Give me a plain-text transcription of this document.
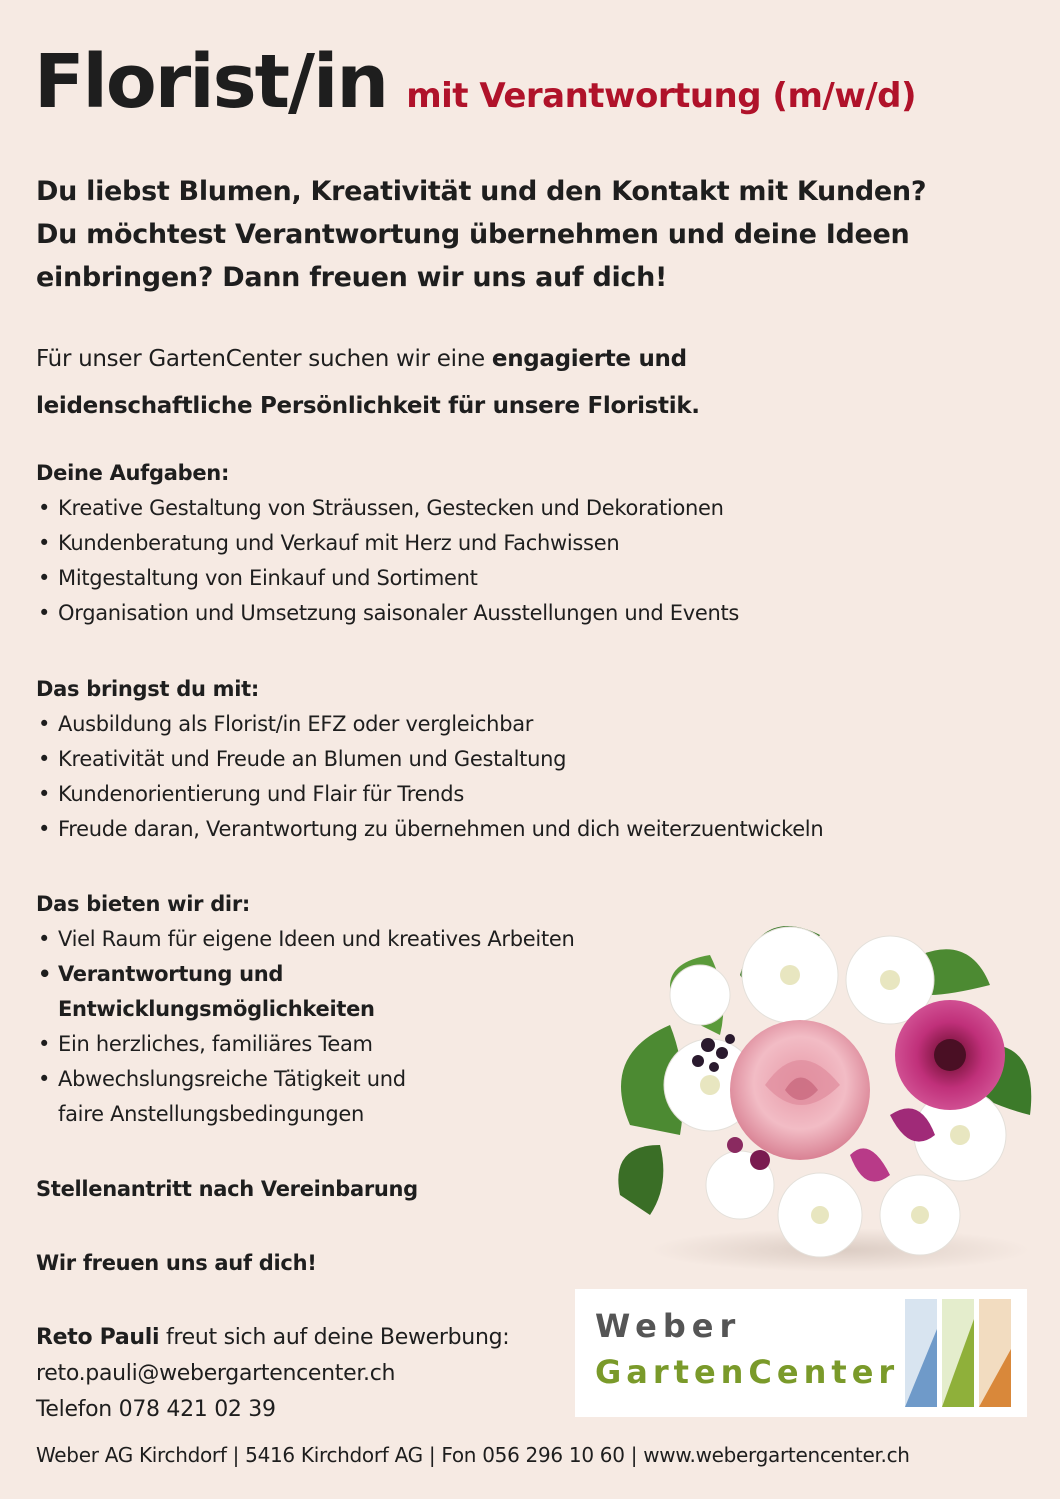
Florist/in mit Verantwortung (m/w/d)
Du liebst Blumen, Kreativität und den Kontakt mit Kunden?
Du möchtest Verantwortung übernehmen und deine Ideen
einbringen? Dann freuen wir uns auf dich!
Für unser GartenCenter suchen wir eine engagierte und
leidenschaftliche Persönlichkeit für unsere Floristik.
Deine Aufgaben:
• Kreative Gestaltung von Sträussen, Gestecken und Dekorationen
• Kundenberatung und Verkauf mit Herz und Fachwissen
• Mitgestaltung von Einkauf und Sortiment
• Organisation und Umsetzung saisonaler Ausstellungen und Events
Das bringst du mit:
• Ausbildung als Florist/in EFZ oder vergleichbar
• Kreativität und Freude an Blumen und Gestaltung
• Kundenorientierung und Flair für Trends
• Freude daran, Verantwortung zu übernehmen und dich weiterzuentwickeln
Das bieten wir dir:
• Viel Raum für eigene Ideen und kreatives Arbeiten
• Verantwortung und
Entwicklungsmöglichkeiten
• Ein herzliches, familiäres Team
• Abwechslungsreiche Tätigkeit und
faire Anstellungsbedingungen
Stellenantritt nach Vereinbarung
Wir freuen uns auf dich!
Reto Pauli freut sich auf deine Bewerbung:
reto.pauli@webergartencenter.ch
Telefon 078 421 02 39
Weber
GartenCenter
Weber AG Kirchdorf | 5416 Kirchdorf AG | Fon 056 296 10 60 | www.webergartencenter.ch
